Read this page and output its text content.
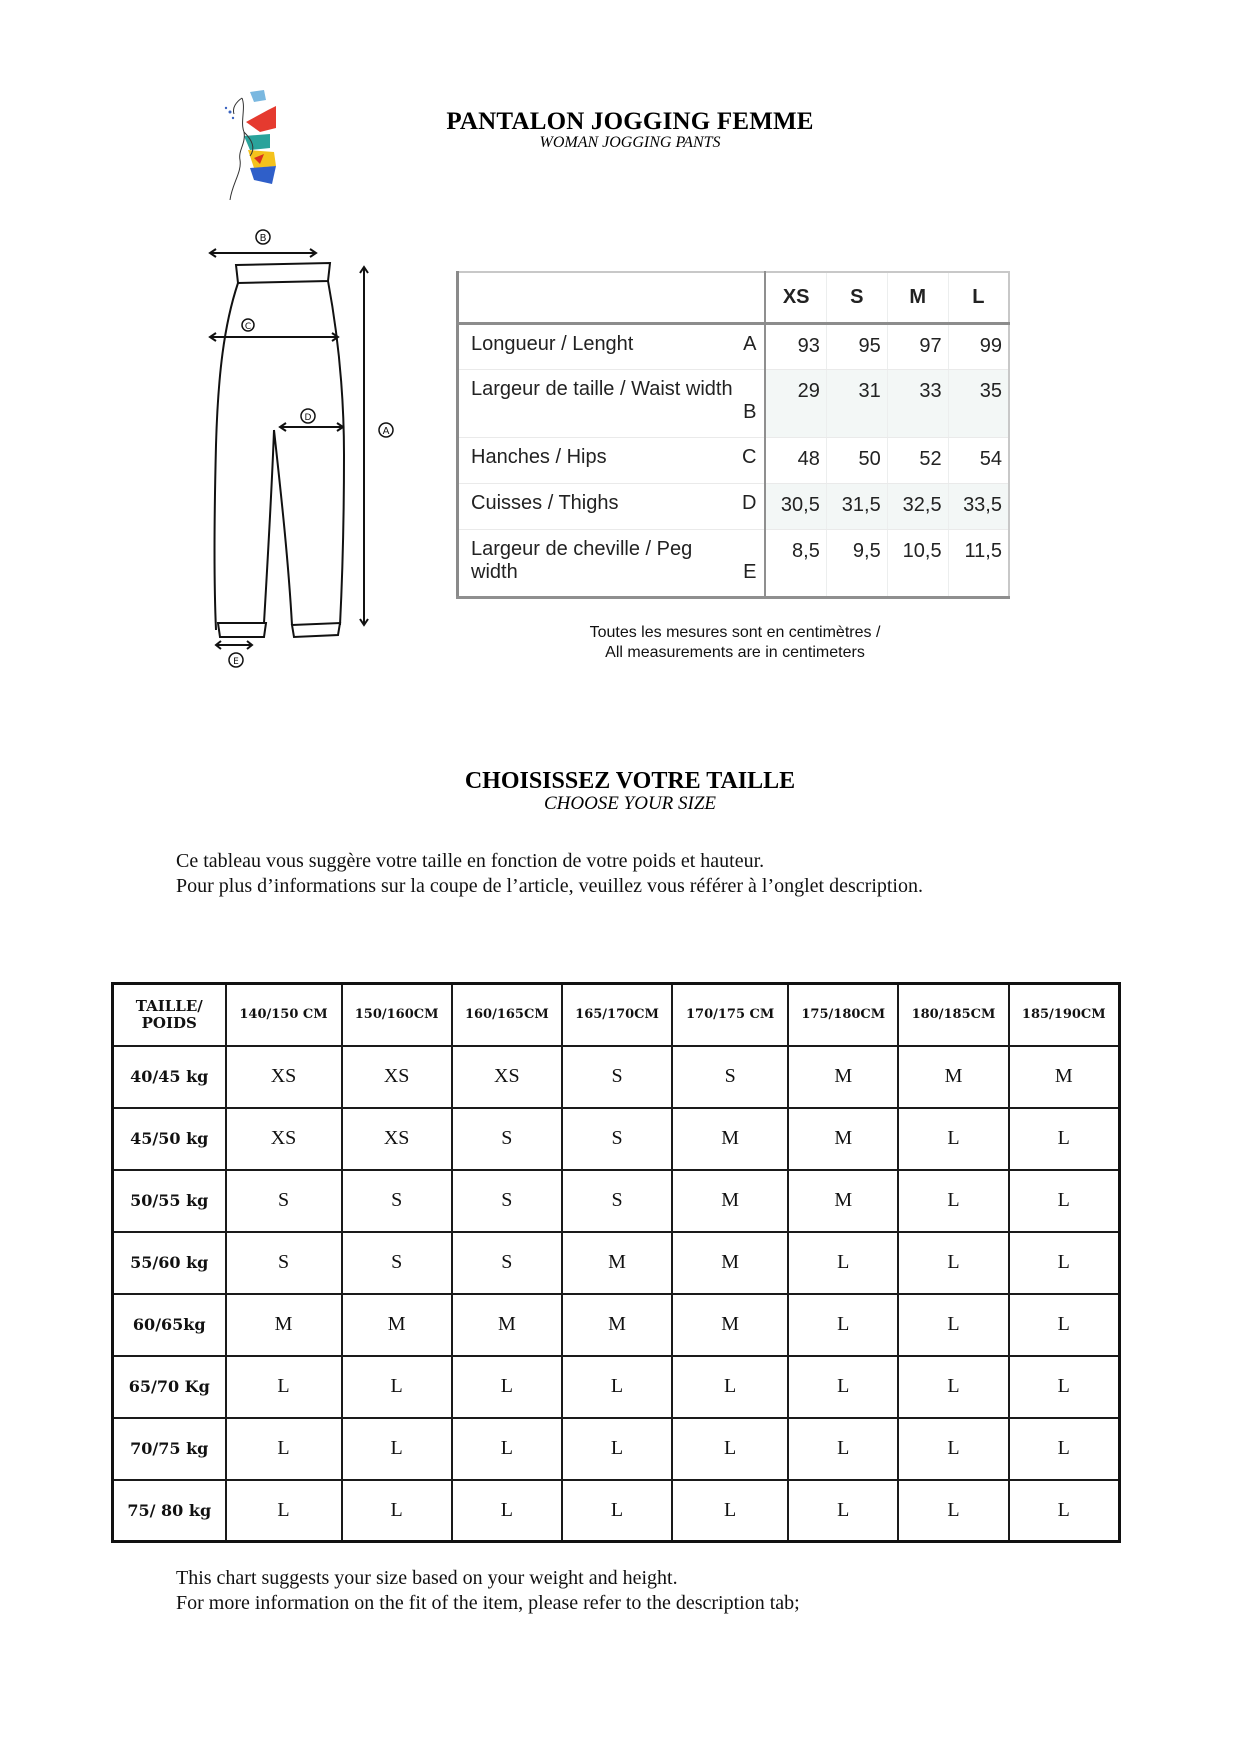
PANTALON JOGGING FEMME
WOMAN JOGGING PANTS
B
C
D
A
E
	XS	S	M	L

Longueur / Lenght A	93	95	97	99

Largeur de taille / Waist width
B	29	31	33	35

Hanches / Hips C	48	50	52	54

Cuisses / Thighs D	30,5	31,5	32,5	33,5

Largeur de cheville / Peg width E	8,5	9,5	10,5	11,5
Toutes les mesures sont en centimètres /
All measurements are in centimeters
CHOISISSEZ VOTRE TAILLE
CHOOSE YOUR SIZE
Ce tableau vous suggère votre taille en fonction de votre poids et hauteur.
Pour plus d’informations sur la coupe de l’article, veuillez vous référer à l’onglet description.
TAILLE/
POIDS	140/150 CM	150/160CM	160/165CM	165/170CM	170/175 CM	175/180CM	180/185CM	185/190CM
40/45 kg	XS	XS	XS	S	S	M	M	M
45/50 kg	XS	XS	S	S	M	M	L	L
50/55 kg	S	S	S	S	M	M	L	L
55/60 kg	S	S	S	M	M	L	L	L
60/65kg	M	M	M	M	M	L	L	L
65/70 Kg	L	L	L	L	L	L	L	L
70/75 kg	L	L	L	L	L	L	L	L
75/ 80 kg	L	L	L	L	L	L	L	L
This chart suggests your size based on your weight and height.
For more information on the fit of the item, please refer to the description tab;
